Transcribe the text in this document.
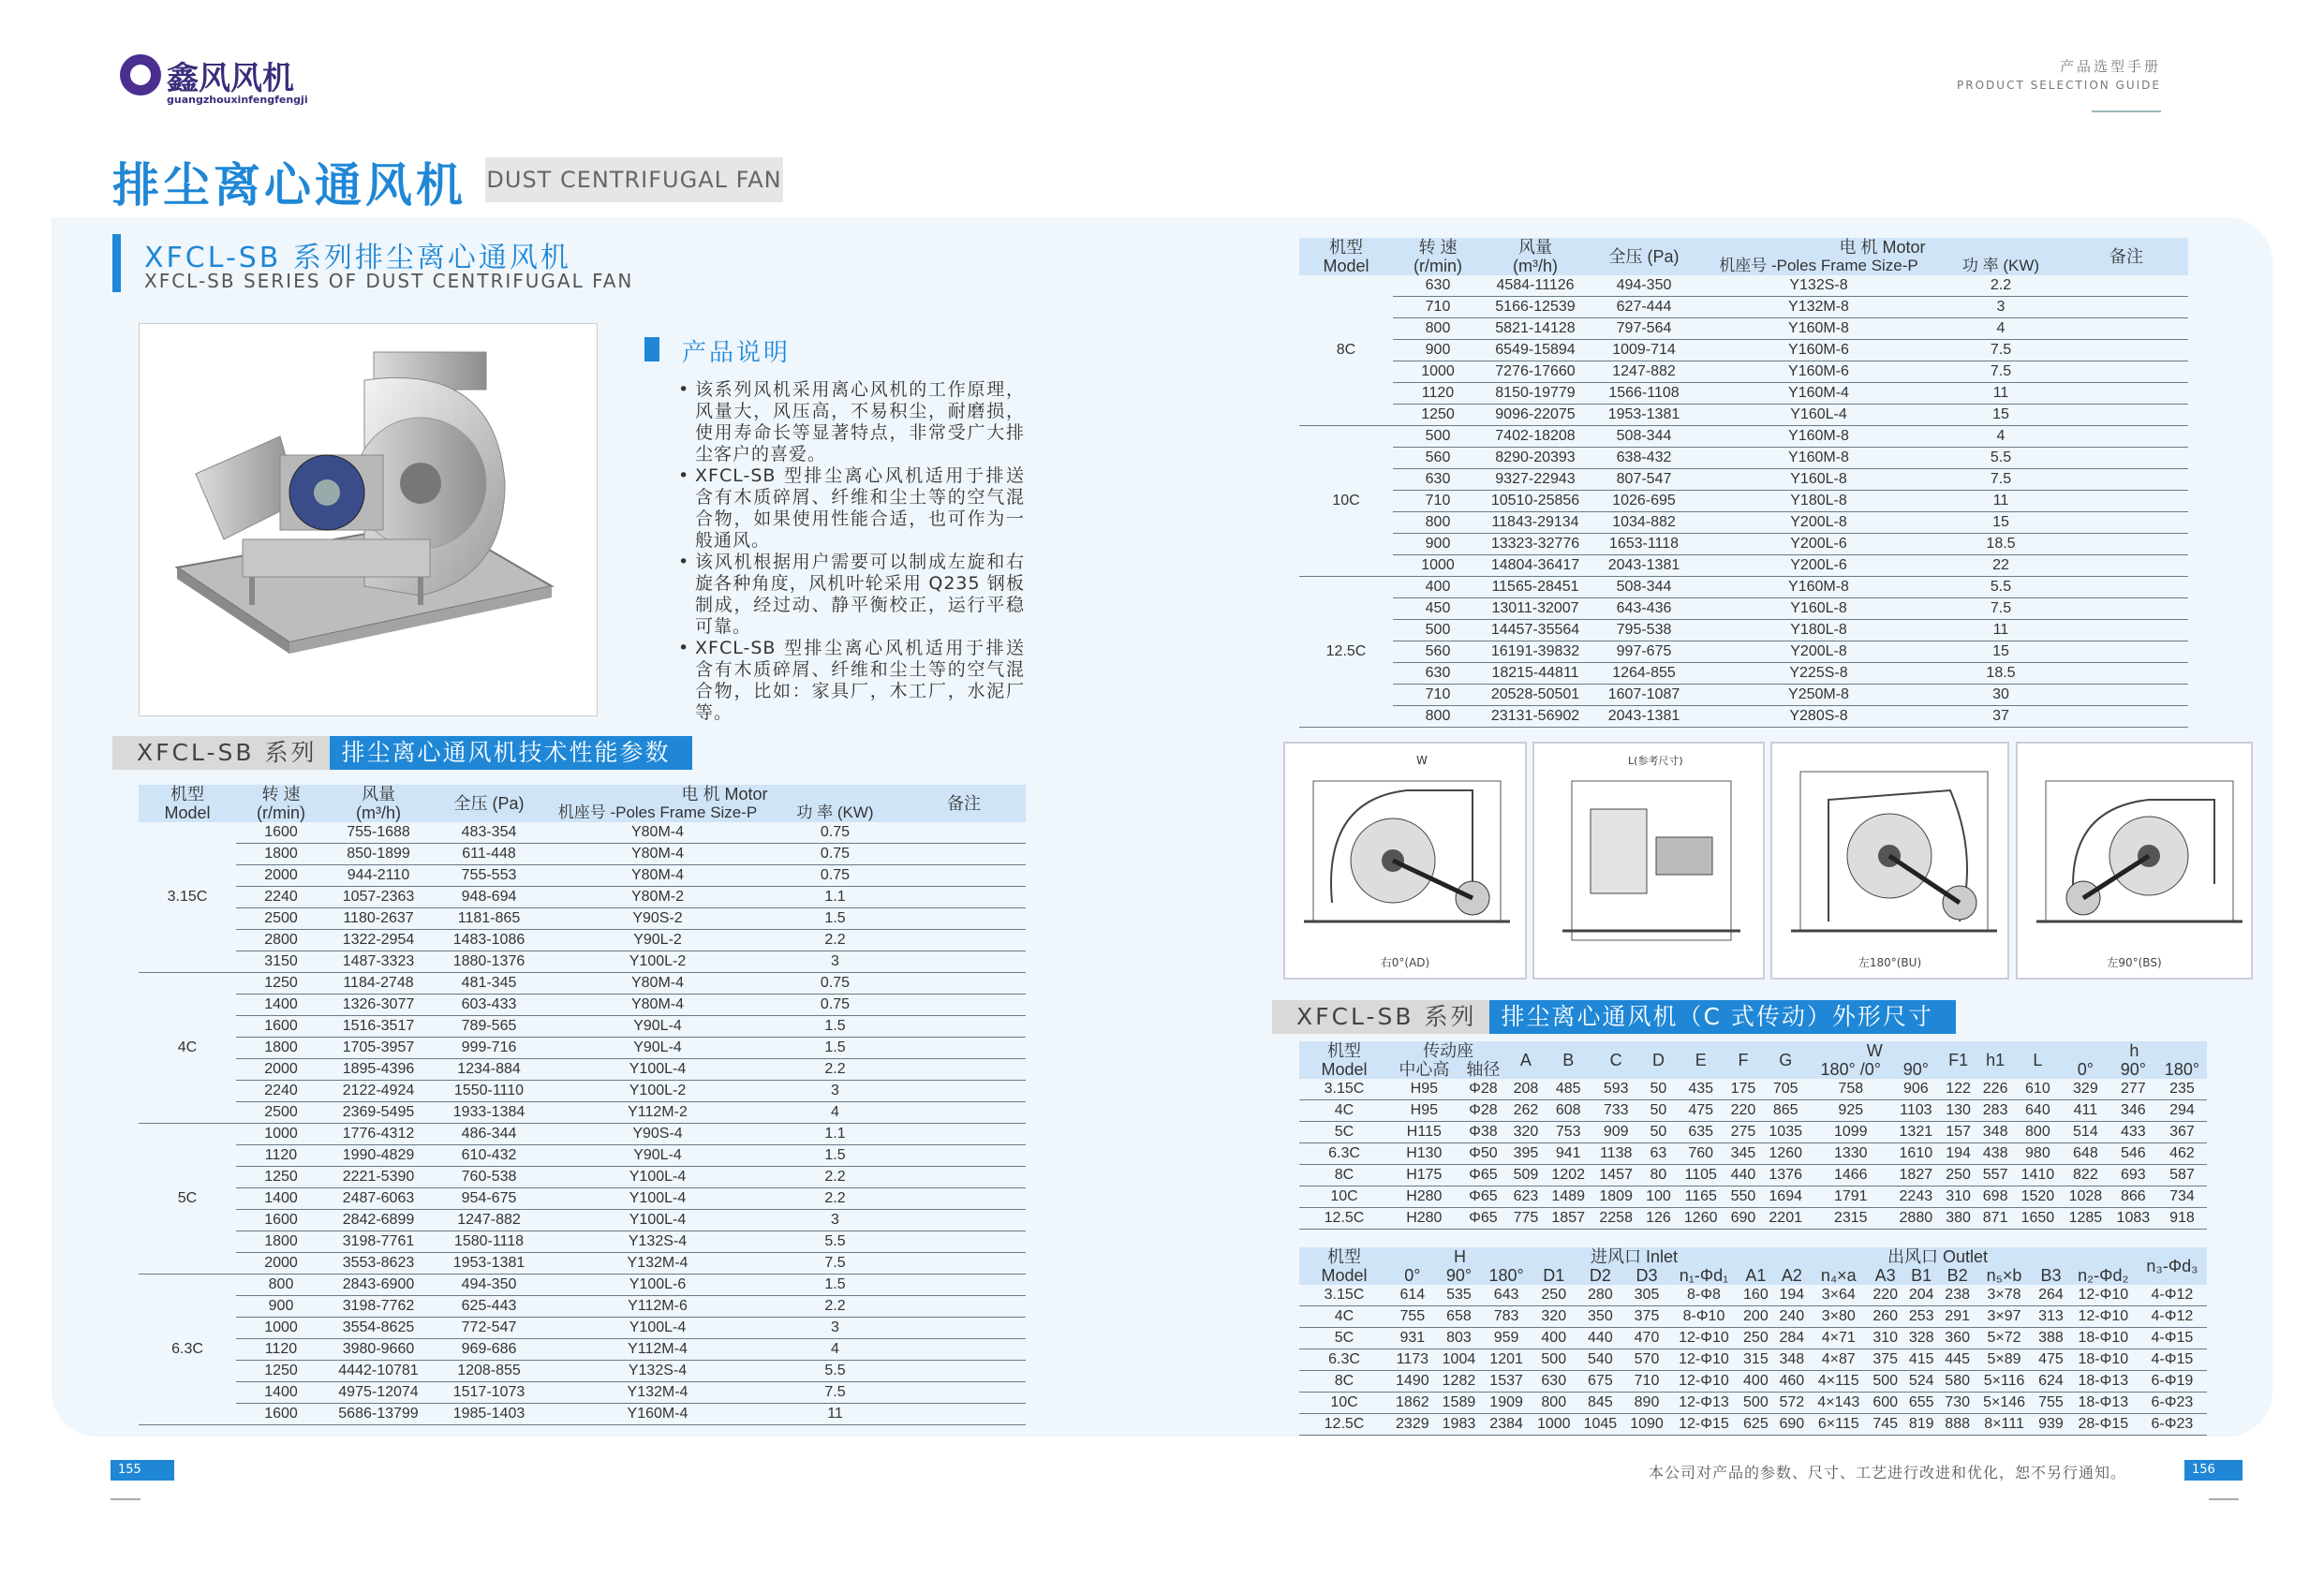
鑫风风机
guangzhouxinfengfengji
产品选型手册
PRODUCT SELECTION GUIDE
排尘离心通风机 DUST CENTRIFUGAL FAN
XFCL-SB 系列排尘离心通风机
XFCL-SB SERIES OF DUST CENTRIFUGAL FAN
产品说明
• 该系列风机采用离心风机的工作原理，风量大，风压高，不易积尘，耐磨损，使用寿命长等显著特点，非常受广大排尘客户的喜爱。
• XFCL-SB 型排尘离心风机适用于排送含有木质碎屑、纤维和尘土等的空气混合物，如果使用性能合适，也可作为一般通风。
• 该风机根据用户需要可以制成左旋和右旋各种角度，风机叶轮采用 Q235 钢板制成，经过动、静平衡校正，运行平稳可靠。
• XFCL-SB 型排尘离心风机适用于排送含有木质碎屑、纤维和尘土等的空气混合物，比如：家具厂，木工厂，水泥厂等。
XFCL-SB 系列	排尘离心通风机技术性能参数
机型
Model	转 速
(r/min)	风量
(m³/h)	全压 (Pa)	电 机 Motor		备注
				机座号 -Poles Frame Size-P	功 率 (KW)	
3.15C	1600	755-1688	483-354	Y80M-4	0.75	
	1800	850-1899	611-448	Y80M-4	0.75	
	2000	944-2110	755-553	Y80M-4	0.75	
	2240	1057-2363	948-694	Y80M-2	1.1	
	2500	1180-2637	1181-865	Y90S-2	1.5	
	2800	1322-2954	1483-1086	Y90L-2	2.2	
	3150	1487-3323	1880-1376	Y100L-2	3	
4C	1250	1184-2748	481-345	Y80M-4	0.75	
	1400	1326-3077	603-433	Y80M-4	0.75	
	1600	1516-3517	789-565	Y90L-4	1.5	
	1800	1705-3957	999-716	Y90L-4	1.5	
	2000	1895-4396	1234-884	Y100L-4	2.2	
	2240	2122-4924	1550-1110	Y100L-2	3	
	2500	2369-5495	1933-1384	Y112M-2	4	
5C	1000	1776-4312	486-344	Y90S-4	1.1	
	1120	1990-4829	610-432	Y90L-4	1.5	
	1250	2221-5390	760-538	Y100L-4	2.2	
	1400	2487-6063	954-675	Y100L-4	2.2	
	1600	2842-6899	1247-882	Y100L-4	3	
	1800	3198-7761	1580-1118	Y132S-4	5.5	
	2000	3553-8623	1953-1381	Y132M-4	7.5	
6.3C	800	2843-6900	494-350	Y100L-6	1.5	
	900	3198-7762	625-443	Y112M-6	2.2	
	1000	3554-8625	772-547	Y100L-4	3	
	1120	3980-9660	969-686	Y112M-4	4	
	1250	4442-10781	1208-855	Y132S-4	5.5	
	1400	4975-12074	1517-1073	Y132M-4	7.5	
	1600	5686-13799	1985-1403	Y160M-4	11	
机型
Model	转 速
(r/min)	风量
(m³/h)	全压 (Pa)	电 机 Motor		备注
				机座号 -Poles Frame Size-P	功 率 (KW)	
8C	630	4584-11126	494-350	Y132S-8	2.2	
	710	5166-12539	627-444	Y132M-8	3	
	800	5821-14128	797-564	Y160M-8	4	
	900	6549-15894	1009-714	Y160M-6	7.5	
	1000	7276-17660	1247-882	Y160M-6	7.5	
	1120	8150-19779	1566-1108	Y160M-4	11	
	1250	9096-22075	1953-1381	Y160L-4	15	
10C	500	7402-18208	508-344	Y160M-8	4	
	560	8290-20393	638-432	Y160M-8	5.5	
	630	9327-22943	807-547	Y160L-8	7.5	
	710	10510-25856	1026-695	Y180L-8	11	
	800	11843-29134	1034-882	Y200L-8	15	
	900	13323-32776	1653-1118	Y200L-6	18.5	
	1000	14804-36417	2043-1381	Y200L-6	22	
12.5C	400	11565-28451	508-344	Y160M-8	5.5	
	450	13011-32007	643-436	Y160L-8	7.5	
	500	14457-35564	795-538	Y180L-8	11	
	560	16191-39832	997-675	Y200L-8	15	
	630	18215-44811	1264-855	Y225S-8	18.5	
	710	20528-50501	1607-1087	Y250M-8	30	
	800	23131-56902	2043-1381	Y280S-8	37	
W
右0°(AD)
L(参考尺寸)
左180°(BU)	左90°(BS)
XFCL-SB 系列	排尘离心通风机（C 式传动）外形尺寸
机型
Model	传动座		A	B	C	D	E	F	G	W		F1	h1	L	h		
	中心高	轴径								180° /0°	90°				0°	90°	180°
3.15C	H95	Φ28	208	485	593	50	435	175	705	758	906	122	226	610	329	277	235
4C	H95	Φ28	262	608	733	50	475	220	865	925	1103	130	283	640	411	346	294
5C	H115	Φ38	320	753	909	50	635	275	1035	1099	1321	157	348	800	514	433	367
6.3C	H130	Φ50	395	941	1138	63	760	345	1260	1330	1610	194	438	980	648	546	462
8C	H175	Φ65	509	1202	1457	80	1105	440	1376	1466	1827	250	557	1410	822	693	587
10C	H280	Φ65	623	1489	1809	100	1165	550	1694	1791	2243	310	698	1520	1028	866	734
12.5C	H280	Φ65	775	1857	2258	126	1260	690	2201	2315	2880	380	871	1650	1285	1083	918
机型
Model	H			进风口 Inlet				出风口 Outlet									n₃-Φd₃
	0°	90°	180°	D1	D2	D3	n₁-Φd₁	A1	A2	n₄×a	A3	B1	B2	n₅×b	B3	n₂-Φd₂	
3.15C	614	535	643	250	280	305	8-Φ8	160	194	3×64	220	204	238	3×78	264	12-Φ10	4-Φ12
4C	755	658	783	320	350	375	8-Φ10	200	240	3×80	260	253	291	3×97	313	12-Φ10	4-Φ12
5C	931	803	959	400	440	470	12-Φ10	250	284	4×71	310	328	360	5×72	388	18-Φ10	4-Φ15
6.3C	1173	1004	1201	500	540	570	12-Φ10	315	348	4×87	375	415	445	5×89	475	18-Φ10	4-Φ15
8C	1490	1282	1537	630	675	710	12-Φ10	400	460	4×115	500	524	580	5×116	624	18-Φ13	6-Φ19
10C	1862	1589	1909	800	845	890	12-Φ13	500	572	4×143	600	655	730	5×146	755	18-Φ13	6-Φ23
12.5C	2329	1983	2384	1000	1045	1090	12-Φ15	625	690	6×115	745	819	888	8×111	939	28-Φ15	6-Φ23
155	本公司对产品的参数、尺寸、工艺进行改进和优化，恕不另行通知。	156
